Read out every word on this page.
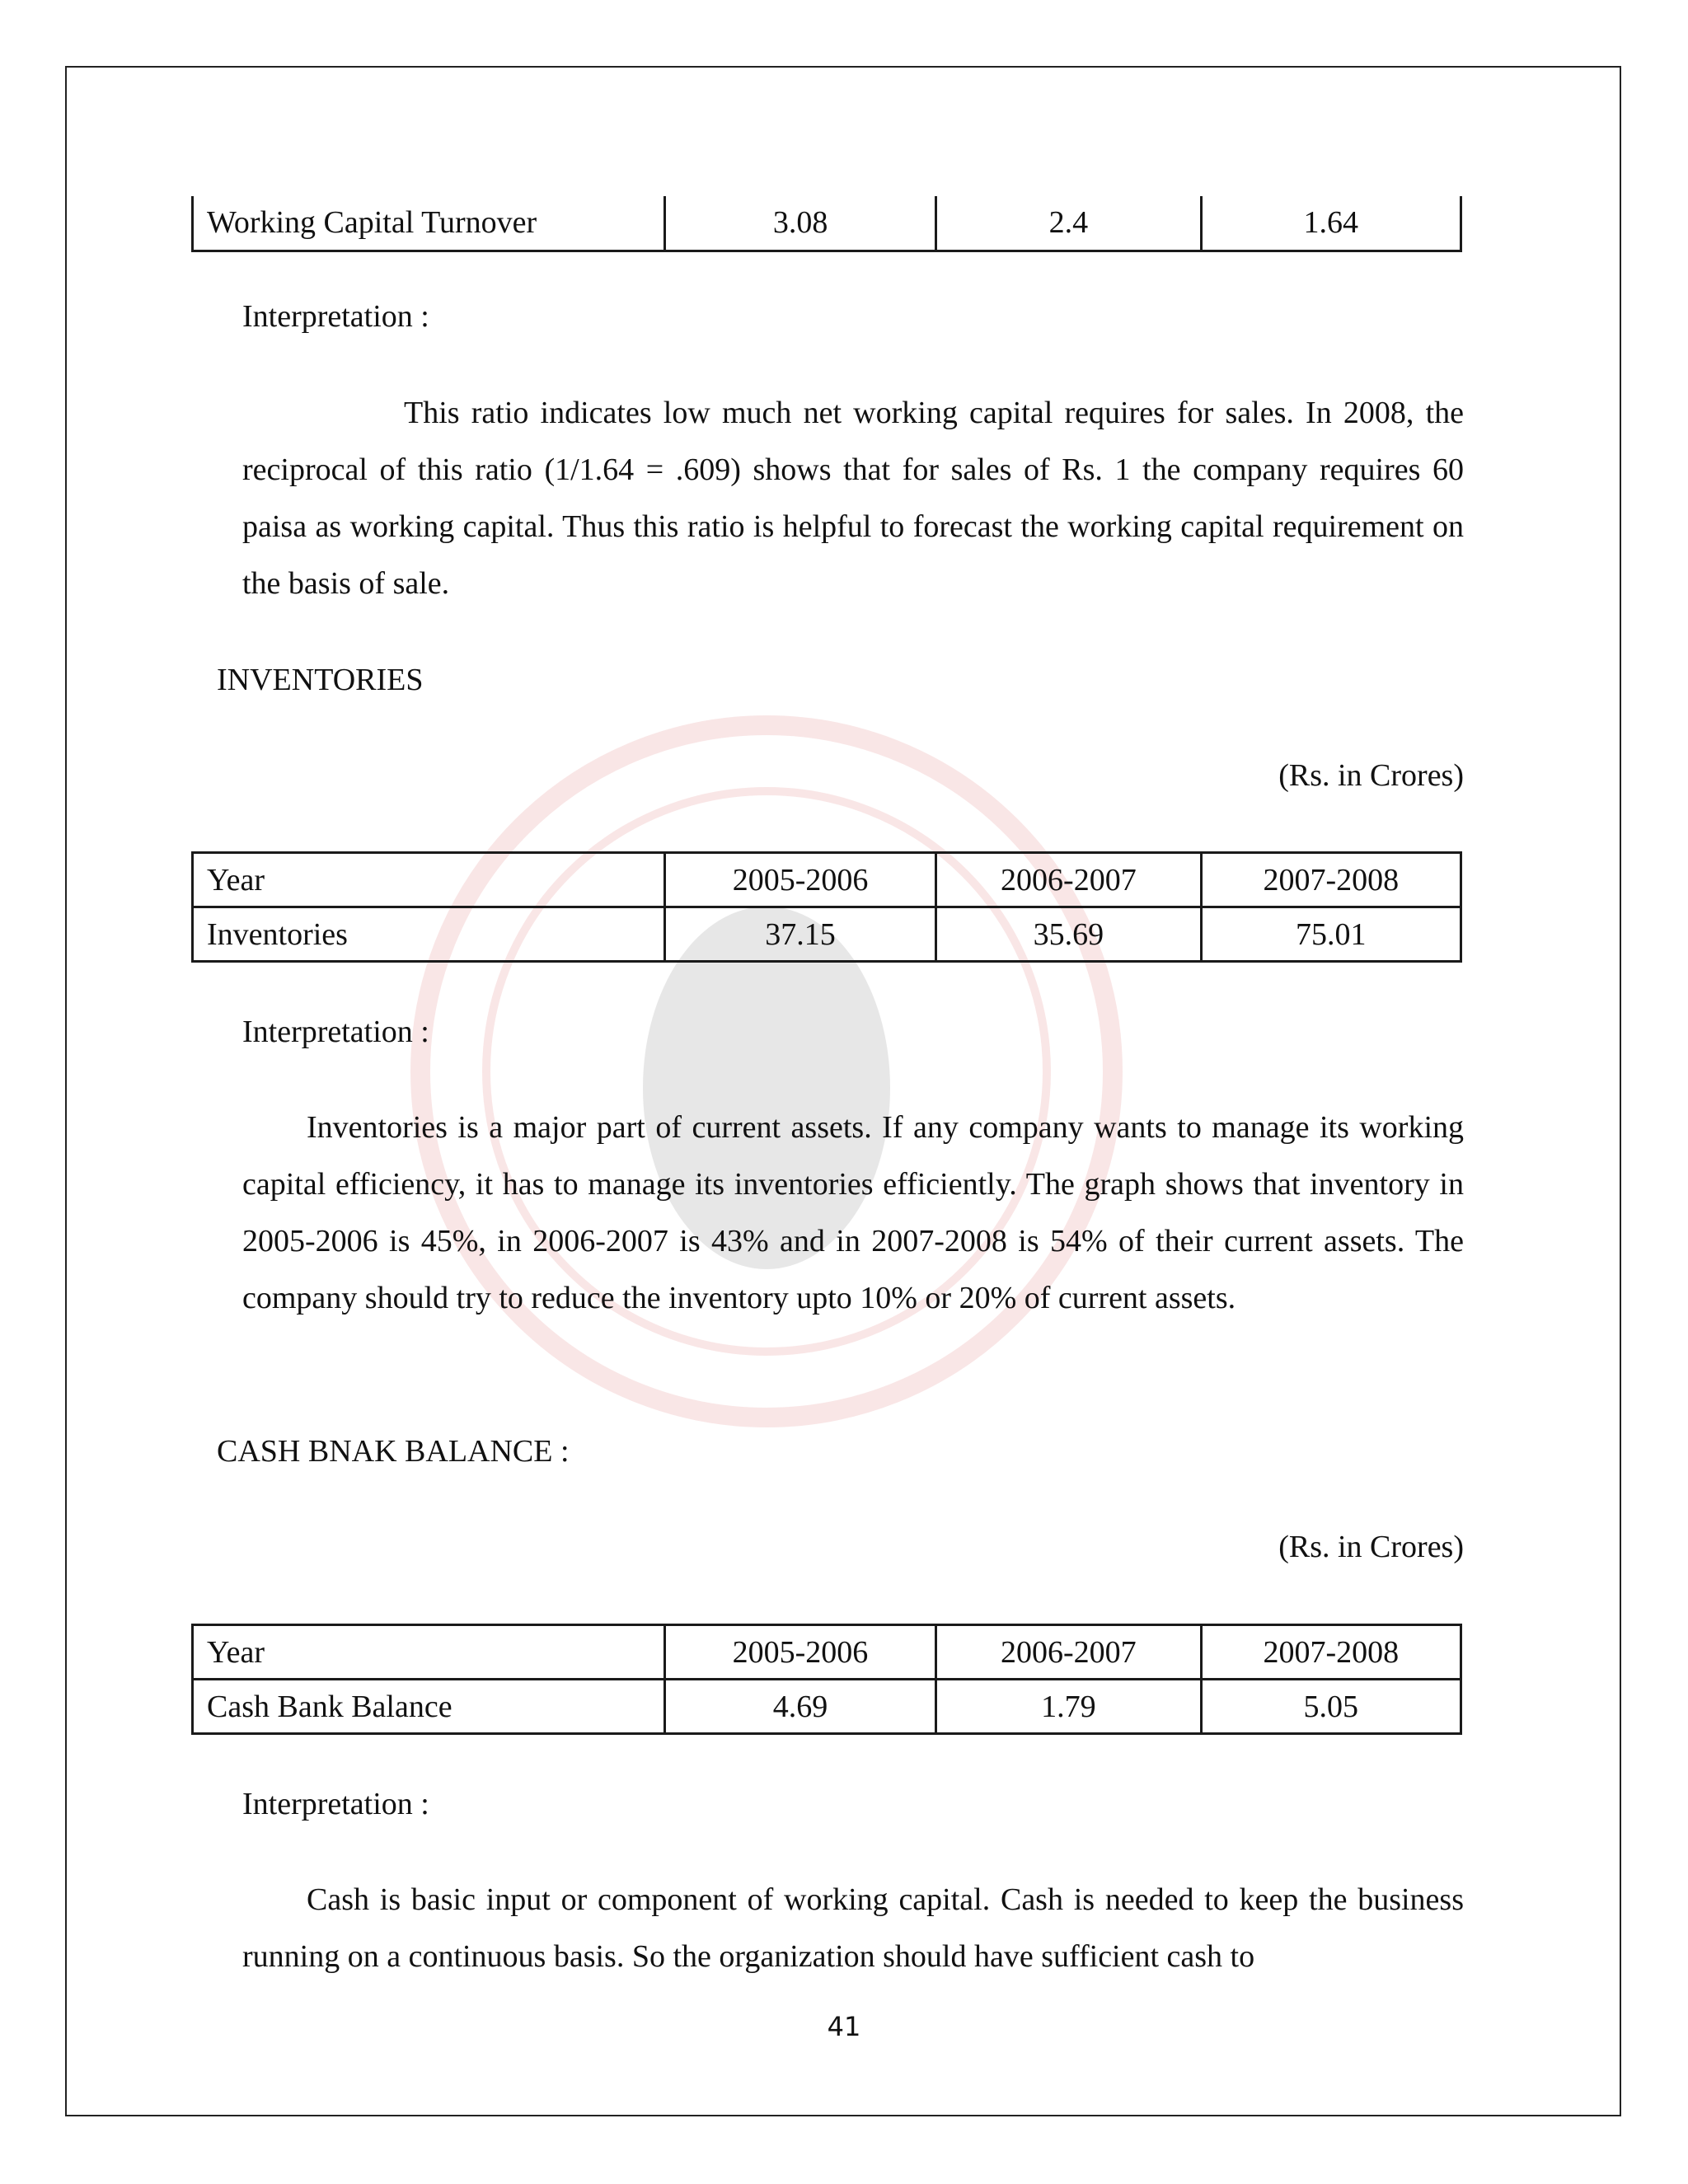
Working Capital Turnover	3.08	2.4	1.64
Interpretation :
This ratio indicates low much net working capital requires for sales. In 2008, the reciprocal of this ratio (1/1.64 = .609) shows that for sales of Rs. 1 the company requires 60 paisa as working capital. Thus this ratio is helpful to forecast the working capital requirement on the basis of sale.
INVENTORIES
(Rs. in Crores)
Year	2005-2006	2006-2007	2007-2008
Inventories	37.15	35.69	75.01
Interpretation :
Inventories is a major part of current assets. If any company wants to manage its working capital efficiency, it has to manage its inventories efficiently. The graph shows that inventory in 2005-2006 is 45%, in 2006-2007 is 43% and in 2007-2008 is 54% of their current assets. The company should try to reduce the inventory upto 10% or 20% of current assets.
CASH BNAK BALANCE :
(Rs. in Crores)
Year	2005-2006	2006-2007	2007-2008
Cash Bank Balance	4.69	1.79	5.05
Interpretation :
Cash is basic input or component of working capital. Cash is needed to keep the business running on a continuous basis. So the organization should have sufficient cash to
41
